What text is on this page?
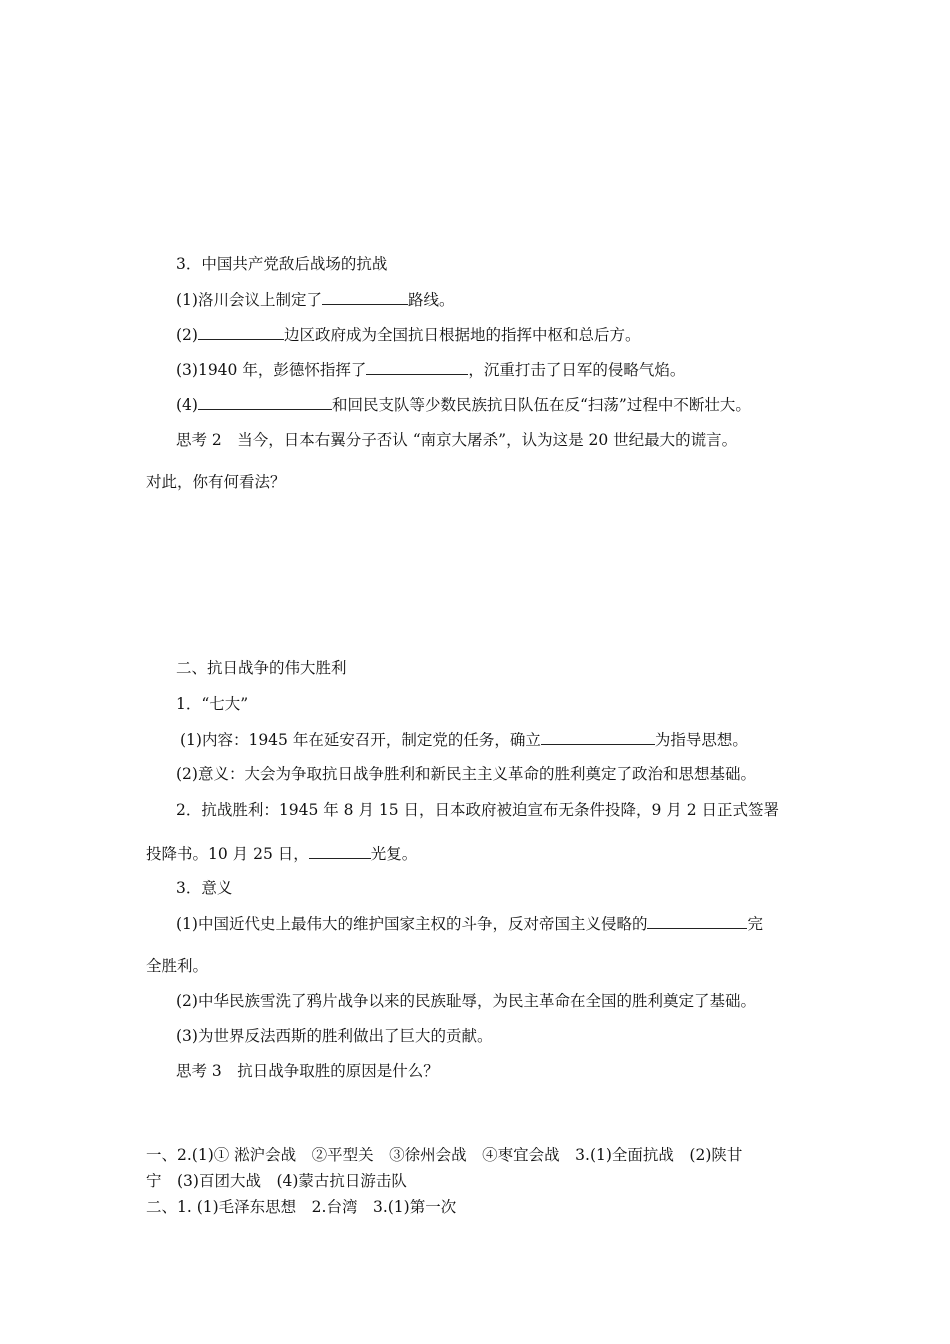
3．中国共产党敌后战场的抗战
(1)洛川会议上制定了	路线。
(2)	边区政府成为全国抗日根据地的指挥中枢和总后方。
(3)1940 年，彭德怀指挥了	，沉重打击了日军的侵略气焰。
(4)	和回民支队等少数民族抗日队伍在反“扫荡”过程中不断壮大。
思考 2　当今，日本右翼分子否认 “南京大屠杀”，认为这是 20 世纪最大的谎言。
对此，你有何看法？
二、抗日战争的伟大胜利
1．“七大”
(1)内容：1945 年在延安召开，制定党的任务，确立	为指导思想。
(2)意义：大会为争取抗日战争胜利和新民主主义革命的胜利奠定了政治和思想基础。
2．抗战胜利：1945 年 8 月 15 日，日本政府被迫宣布无条件投降，9 月 2 日正式签署
投降书。10 月 25 日，	光复。
3．意义
(1)中国近代史上最伟大的维护国家主权的斗争，反对帝国主义侵略的	完
全胜利。
(2)中华民族雪洗了鸦片战争以来的民族耻辱，为民主革命在全国的胜利奠定了基础。
(3)为世界反法西斯的胜利做出了巨大的贡献。
思考 3　抗日战争取胜的原因是什么？
一、2.(1)① 淞沪会战　②平型关　③徐州会战　④枣宜会战　3.(1)全面抗战　(2)陕甘
宁　(3)百团大战　(4)蒙古抗日游击队
二、1. (1)毛泽东思想　2.台湾　3.(1)第一次
